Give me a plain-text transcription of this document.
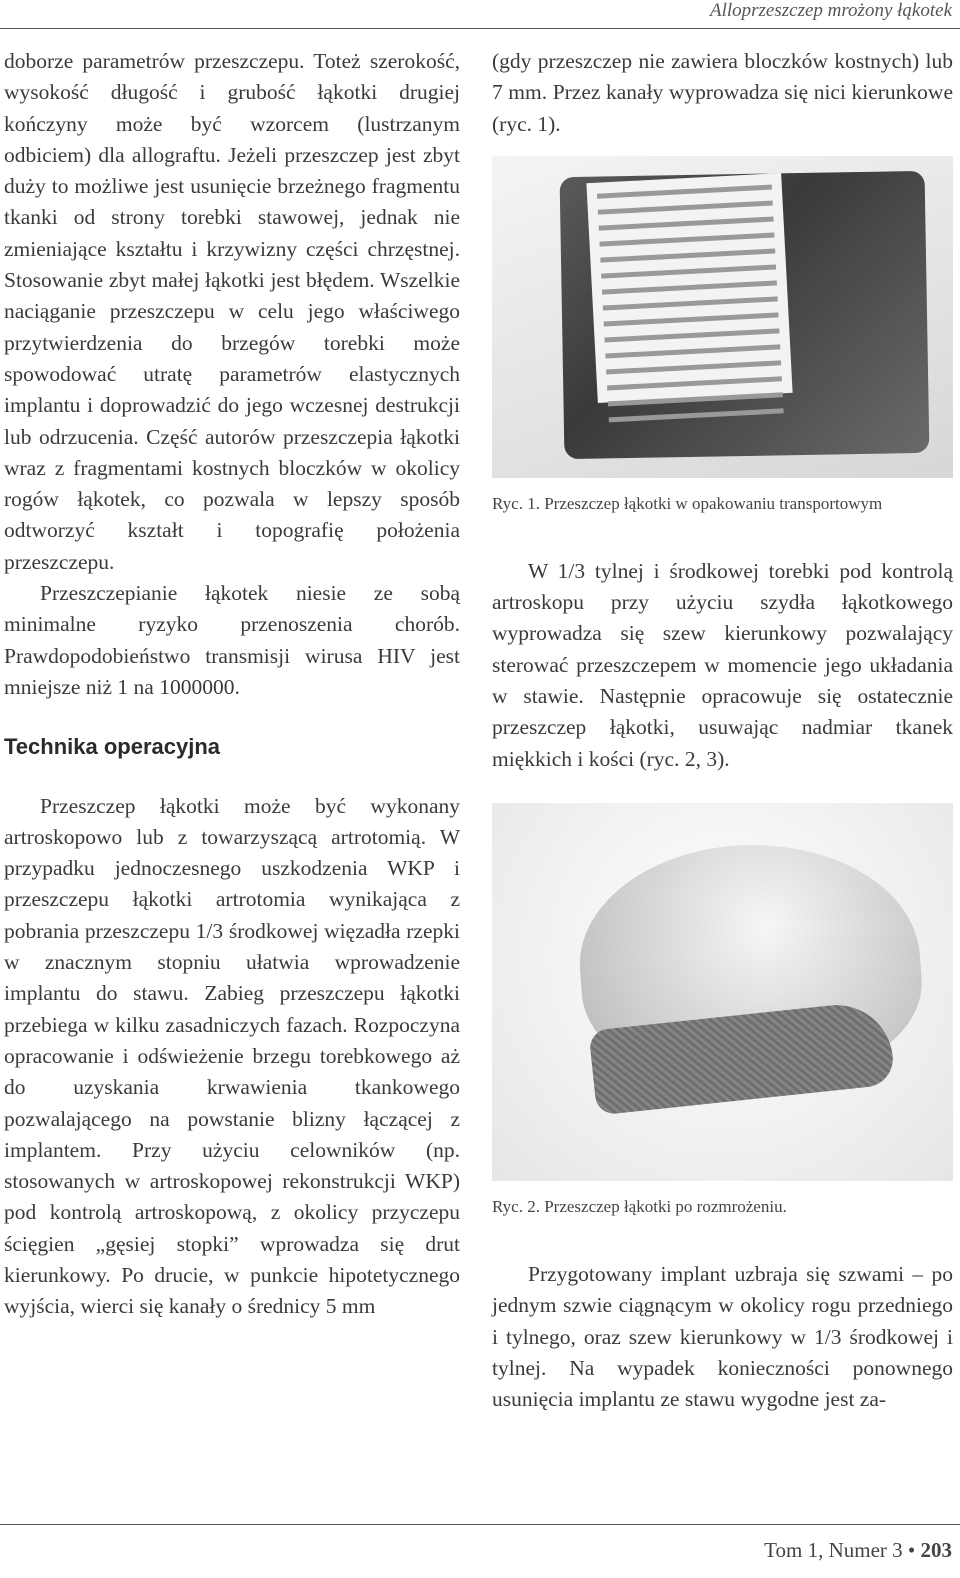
Alloprzeszczep mrożony łąkotek

doborze parametrów przeszczepu. Toteż szerokość, wysokość długość i grubość łąkotki drugiej kończyny może być wzorcem (lustrzanym odbiciem) dla allograftu. Jeżeli przeszczep jest zbyt duży to możliwe jest usunięcie brzeżnego fragmentu tkanki od strony torebki stawowej, jednak nie zmieniające kształtu i krzywizny części chrzęstnej. Stosowanie zbyt małej łąkotki jest błędem. Wszelkie naciąganie przeszczepu w celu jego właściwego przytwierdzenia do brzegów torebki może spowodować utratę parametrów elastycznych implantu i doprowadzić do jego wczesnej destrukcji lub odrzucenia. Część autorów przeszczepia łąkotki wraz z fragmentami kostnych bloczków w okolicy rogów łąkotek, co pozwala w lepszy sposób odtworzyć kształt i topografię położenia przeszczepu.

Przeszczepianie łąkotek niesie ze sobą minimalne ryzyko przenoszenia chorób. Prawdopodobieństwo transmisji wirusa HIV jest mniejsze niż 1 na 1000000.

Technika operacyjna

Przeszczep łąkotki może być wykonany artroskopowo lub z towarzyszącą artrotomią. W przypadku jednoczesnego uszkodzenia WKP i przeszczepu łąkotki artrotomia wynikająca z pobrania przeszczepu 1/3 środkowej więzadła rzepki w znacznym stopniu ułatwia wprowadzenie implantu do stawu. Zabieg przeszczepu łąkotki przebiega w kilku zasadniczych fazach. Rozpoczyna opracowanie i odświeżenie brzegu torebkowego aż do uzyskania krwawienia tkankowego pozwalającego na powstanie blizny łączącej z implantem. Przy użyciu celowników (np. stosowanych w artroskopowej rekonstrukcji WKP) pod kontrolą artroskopową, z okolicy przyczepu ścięgien „gęsiej stopki” wprowadza się drut kierunkowy. Po drucie, w punkcie hipotetycznego wyjścia, wierci się kanały o średnicy 5 mm

(gdy przeszczep nie zawiera bloczków kostnych) lub 7 mm. Przez kanały wyprowadza się nici kierunkowe (ryc. 1).

Ryc. 1. Przeszczep łąkotki w opakowaniu transportowym

W 1/3 tylnej i środkowej torebki pod kontrolą artroskopu przy użyciu szydła łąkotkowego wyprowadza się szew kierunkowy pozwalający sterować przeszczepem w momencie jego układania w stawie. Następnie opracowuje się ostatecznie przeszczep łąkotki, usuwając nadmiar tkanek miękkich i kości (ryc. 2, 3).

Ryc. 2. Przeszczep łąkotki po rozmrożeniu.

Przygotowany implant uzbraja się szwami – po jednym szwie ciągnącym w okolicy rogu przedniego i tylnego, oraz szew kierunkowy w 1/3 środkowej i tylnej. Na wypadek konieczności ponownego usunięcia implantu ze stawu wygodne jest za-

Tom 1, Numer 3 • 203
